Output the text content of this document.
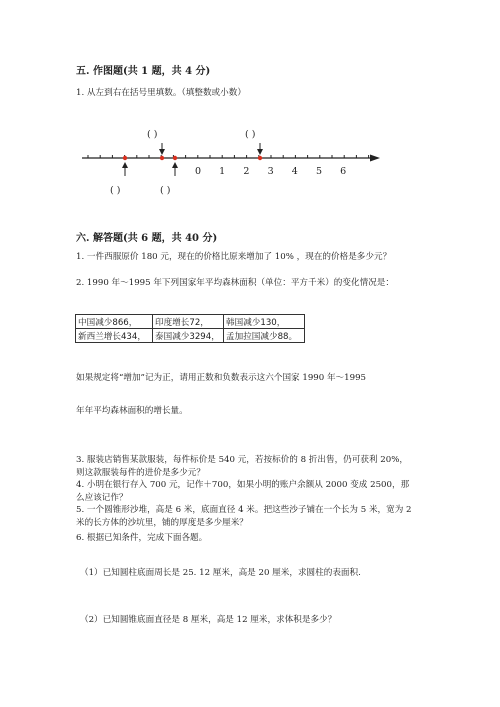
五. 作图题(共 1 题，共 4 分)
1. 从左到右在括号里填数。（填整数或小数）
0 1 2 3 4 5 6
( )	( )
( )	( )
六. 解答题(共 6 题，共 40 分)
1. 一件西服原价 180 元，现在的价格比原来增加了 10% ，现在的价格是多少元？
2. 1990 年～1995 年下列国家年平均森林面积（单位：平方千米）的变化情况是：
中国减少866，	印度增长72，	韩国减少130，
新西兰增长434，	泰国减少3294，	孟加拉国减少88。
如果规定将“增加”记为正，请用正数和负数表示这六个国家 1990 年～1995
年年平均森林面积的增长量。
3. 服装店销售某款服装，每件标价是 540 元，若按标价的 8 折出售，仍可获利 20%，则这款服装每件的进价是多少元？
4. 小明在银行存入 700 元，记作＋700，如果小明的账户余额从 2000 变成 2500，那么应该记作？
5. 一个圆锥形沙堆，高是 6 米，底面直径 4 米。把这些沙子铺在一个长为 5 米，宽为 2 米的长方体的沙坑里，铺的厚度是多少厘米？
6. 根据已知条件，完成下面各题。
（1）已知圆柱底面周长是 25. 12 厘米，高是 20 厘米，求圆柱的表面积.
（2）已知圆锥底面直径是 8 厘米，高是 12 厘米，求体积是多少？
